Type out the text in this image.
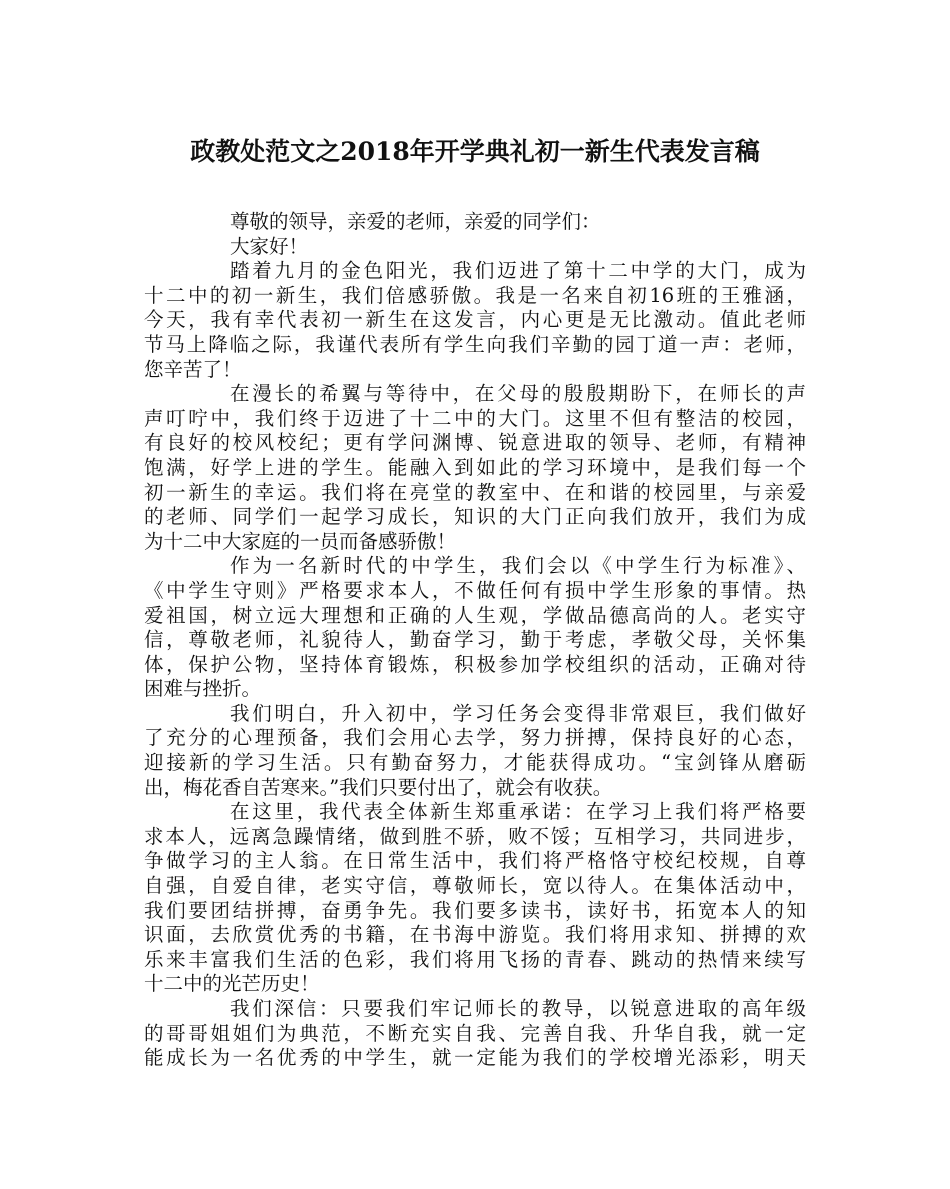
政教处范文之2018年开学典礼初一新生代表发言稿
尊敬的领导，亲爱的老师，亲爱的同学们：
大家好！
踏着九月的金色阳光，我们迈进了第十二中学的大门，成为
十二中的初一新生，我们倍感骄傲。我是一名来自初16班的王雅涵，
今天，我有幸代表初一新生在这发言，内心更是无比激动。值此老师
节马上降临之际，我谨代表所有学生向我们辛勤的园丁道一声：老师，
您辛苦了！
在漫长的希翼与等待中，在父母的殷殷期盼下，在师长的声
声叮咛中，我们终于迈进了十二中的大门。这里不但有整洁的校园，
有良好的校风校纪；更有学问渊博、锐意进取的领导、老师，有精神
饱满，好学上进的学生。能融入到如此的学习环境中，是我们每一个
初一新生的幸运。我们将在亮堂的教室中、在和谐的校园里，与亲爱
的老师、同学们一起学习成长，知识的大门正向我们放开，我们为成
为十二中大家庭的一员而备感骄傲！
作为一名新时代的中学生，我们会以《中学生行为标准》、
《中学生守则》严格要求本人，不做任何有损中学生形象的事情。热
爱祖国，树立远大理想和正确的人生观，学做品德高尚的人。老实守
信，尊敬老师，礼貌待人，勤奋学习，勤于考虑，孝敬父母，关怀集
体，保护公物，坚持体育锻炼，积极参加学校组织的活动，正确对待
困难与挫折。
我们明白，升入初中，学习任务会变得非常艰巨，我们做好
了充分的心理预备，我们会用心去学，努力拼搏，保持良好的心态，
迎接新的学习生活。只有勤奋努力，才能获得成功。“宝剑锋从磨砺
出，梅花香自苦寒来。”我们只要付出了，就会有收获。
在这里，我代表全体新生郑重承诺：在学习上我们将严格要
求本人，远离急躁情绪，做到胜不骄，败不馁；互相学习，共同进步，
争做学习的主人翁。在日常生活中，我们将严格恪守校纪校规，自尊
自强，自爱自律，老实守信，尊敬师长，宽以待人。在集体活动中，
我们要团结拼搏，奋勇争先。我们要多读书，读好书，拓宽本人的知
识面，去欣赏优秀的书籍，在书海中游览。我们将用求知、拼搏的欢
乐来丰富我们生活的色彩，我们将用飞扬的青春、跳动的热情来续写
十二中的光芒历史！
我们深信：只要我们牢记师长的教导，以锐意进取的高年级
的哥哥姐姐们为典范，不断充实自我、完善自我、升华自我，就一定
能成长为一名优秀的中学生，就一定能为我们的学校增光添彩，明天
